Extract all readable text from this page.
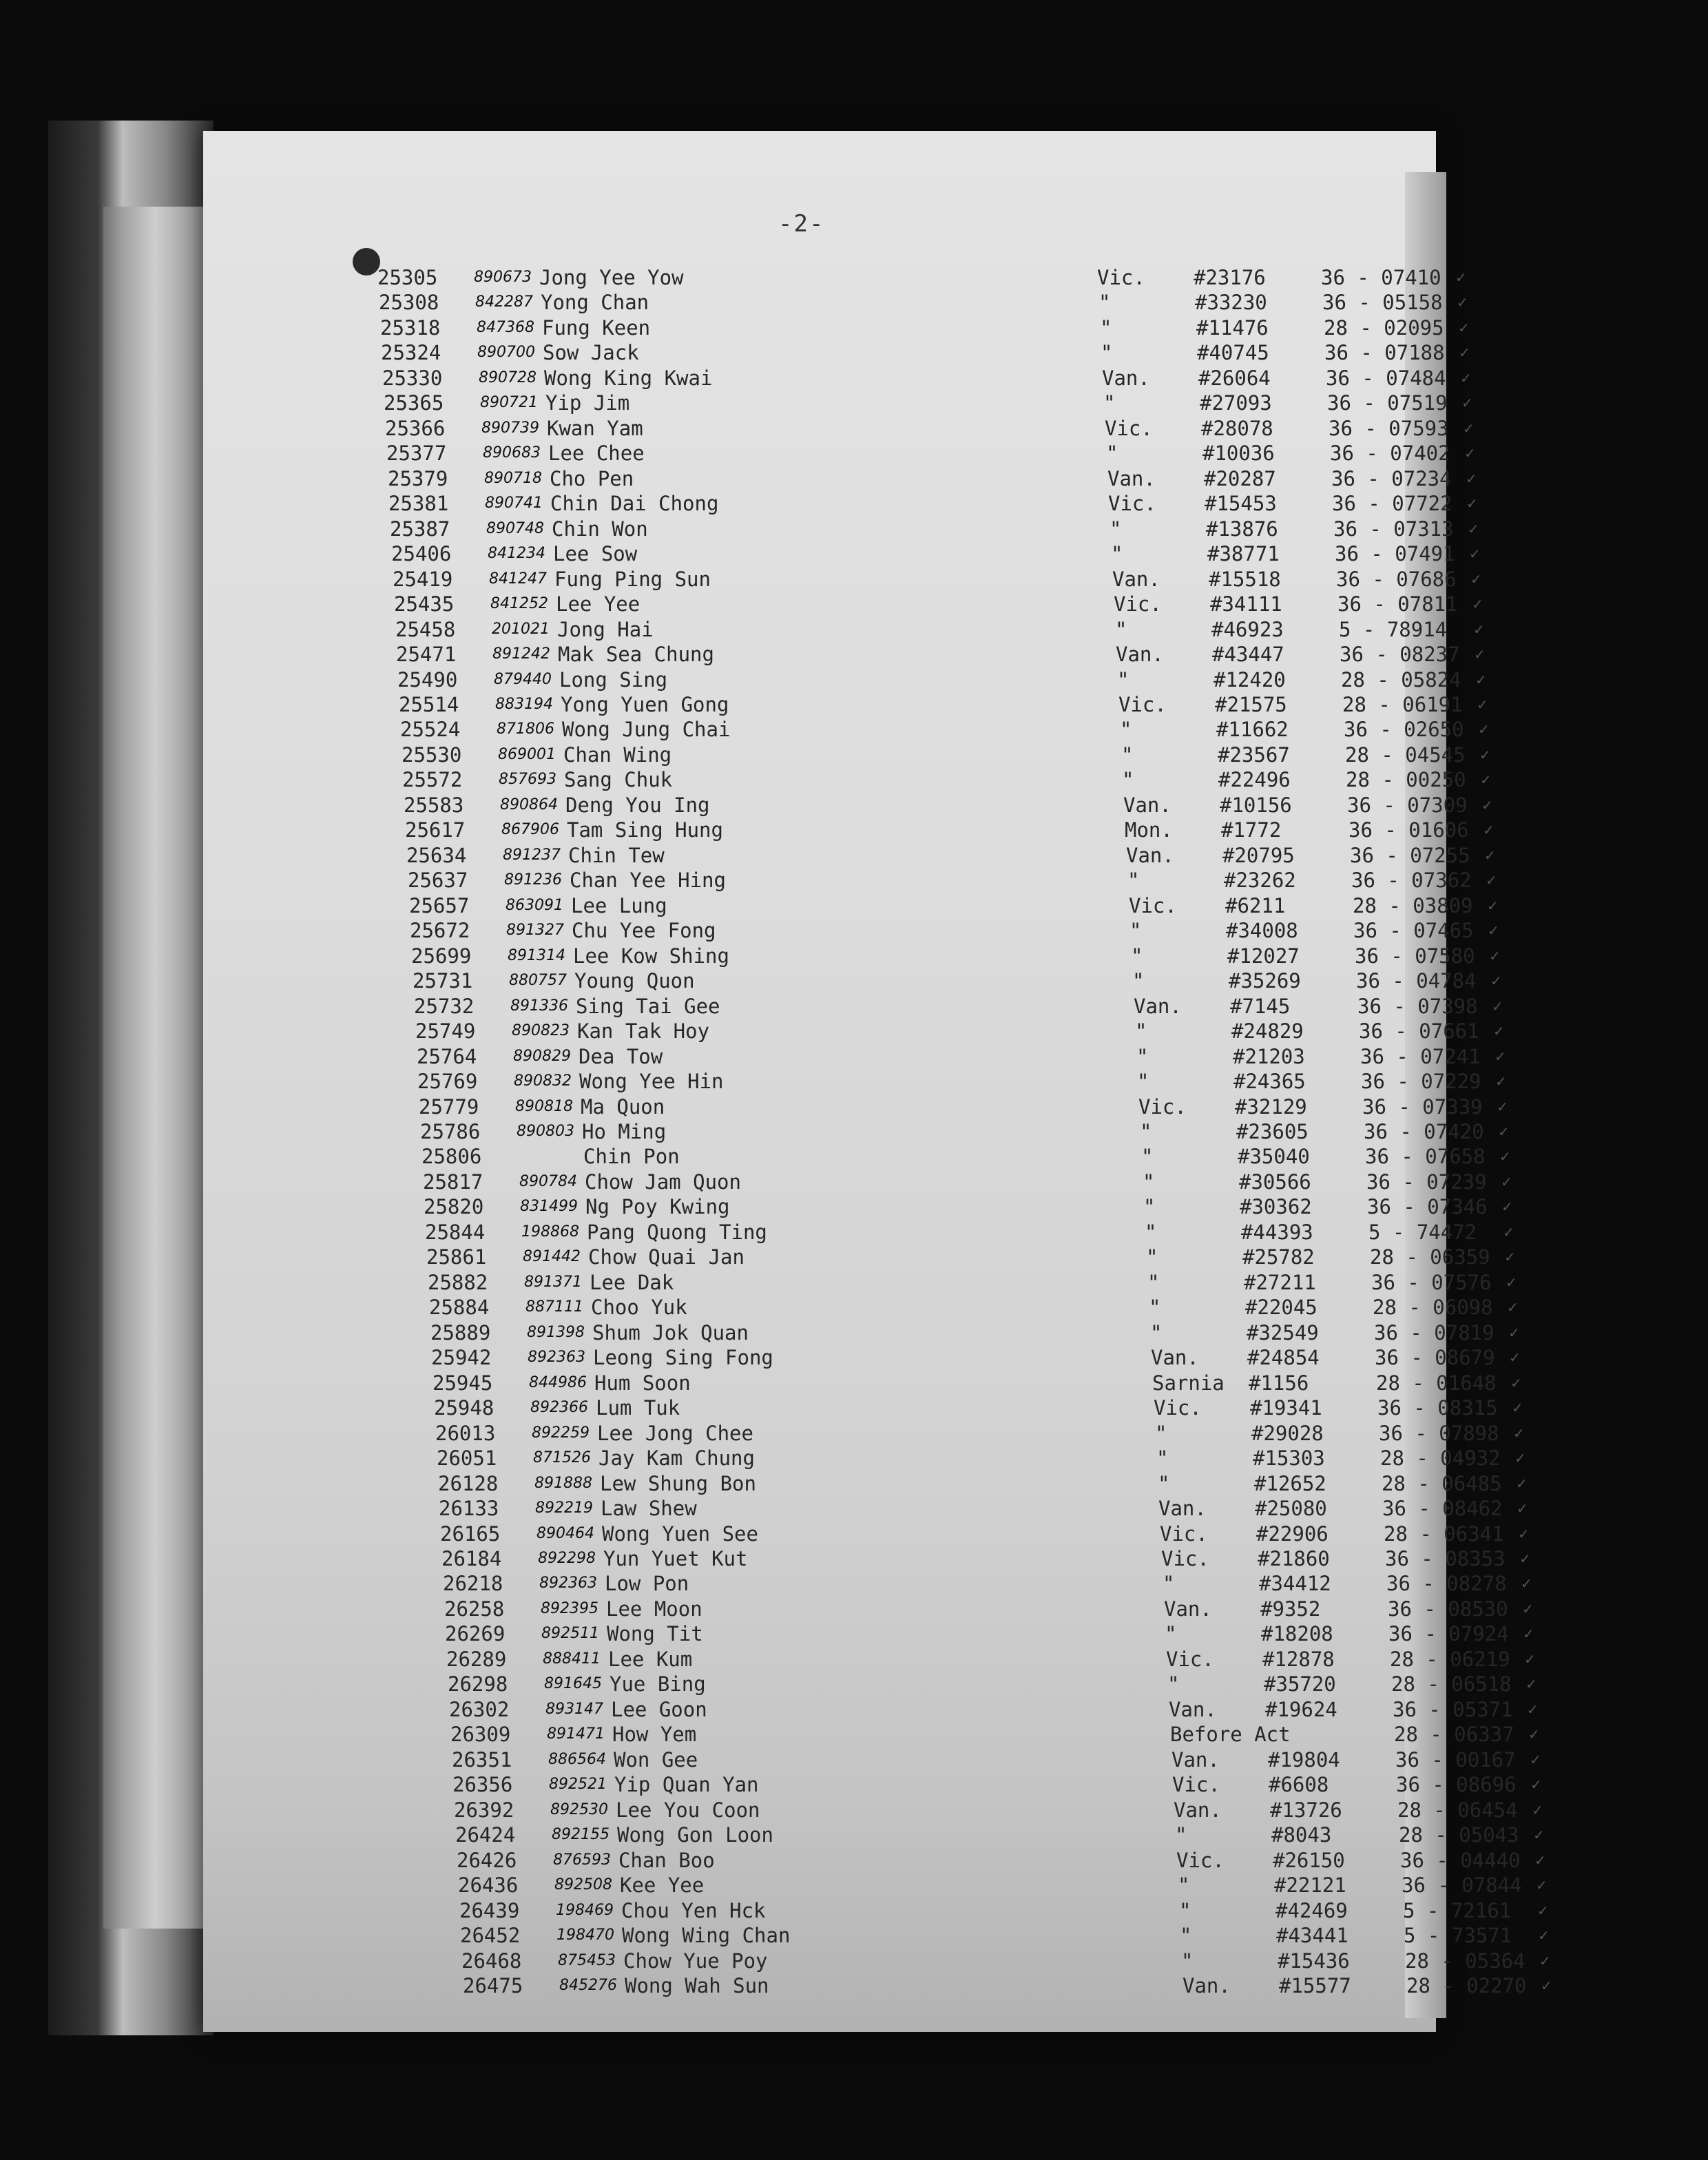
-2-
25305 890673 Jong Yee Yow	Vic. #23176	36 - 07410 ✓
25308 842287 Yong Chan	"	#33230	36 - 05158 ✓
25318 847368 Fung Keen	"	#11476	28 - 02095 ✓
25324 890700 Sow Jack	"	#40745	36 - 07188 ✓
25330 890728 Wong King Kwai	Van. #26064	36 - 07484 ✓
25365 890721 Yip Jim	"	#27093	36 - 07519 ✓
25366 890739 Kwan Yam	Vic. #28078	36 - 07593 ✓
25377 890683 Lee Chee	"	#10036	36 - 07402 ✓
25379 890718 Cho Pen	Van. #20287	36 - 07234 ✓
25381 890741 Chin Dai Chong	Vic. #15453	36 - 07722 ✓
25387 890748 Chin Won	"	#13876	36 - 07313 ✓
25406 841234 Lee Sow	"	#38771	36 - 07491 ✓
25419 841247 Fung Ping Sun	Van. #15518	36 - 07686 ✓
25435 841252 Lee Yee	Vic. #34111	36 - 07811 ✓
25458 201021 Jong Hai	"	#46923	5 - 78914 ✓
25471 891242 Mak Sea Chung	Van. #43447	36 - 08237 ✓
25490 879440 Long Sing	"	#12420	28 - 05824 ✓
25514 883194 Yong Yuen Gong	Vic. #21575	28 - 06191 ✓
25524 871806 Wong Jung Chai	"	#11662	36 - 02650 ✓
25530 869001 Chan Wing	"	#23567	28 - 04545 ✓
25572 857693 Sang Chuk	"	#22496	28 - 00250 ✓
25583 890864 Deng You Ing	Van. #10156	36 - 07309 ✓
25617 867906 Tam Sing Hung	Mon. #1772	36 - 01606 ✓
25634 891237 Chin Tew	Van. #20795	36 - 07255 ✓
25637 891236 Chan Yee Hing	"	#23262	36 - 07362 ✓
25657 863091 Lee Lung	Vic. #6211	28 - 03809 ✓
25672 891327 Chu Yee Fong	"	#34008	36 - 07465 ✓
25699 891314 Lee Kow Shing	"	#12027	36 - 07580 ✓
25731 880757 Young Quon	"	#35269	36 - 04784 ✓
25732 891336 Sing Tai Gee	Van. #7145	36 - 07398 ✓
25749 890823 Kan Tak Hoy	"	#24829	36 - 07661 ✓
25764 890829 Dea Tow	"	#21203	36 - 07241 ✓
25769 890832 Wong Yee Hin	"	#24365	36 - 07229 ✓
25779 890818 Ma Quon	Vic. #32129	36 - 07339 ✓
25786 890803 Ho Ming	"	#23605	36 - 07420 ✓
25806	Chin Pon	"	#35040	36 - 07658 ✓
25817 890784 Chow Jam Quon	"	#30566	36 - 07239 ✓
25820 831499 Ng Poy Kwing	"	#30362	36 - 07346 ✓
25844 198868 Pang Quong Ting	"	#44393	5 - 74472 ✓
25861 891442 Chow Quai Jan	"	#25782	28 - 06359 ✓
25882 891371 Lee Dak	"	#27211	36 - 07576 ✓
25884 887111 Choo Yuk	"	#22045	28 - 06098 ✓
25889 891398 Shum Jok Quan	"	#32549	36 - 07819 ✓
25942 892363 Leong Sing Fong	Van. #24854	36 - 08679 ✓
25945 844986 Hum Soon	Sarnia #1156	28 - 01648 ✓
25948 892366 Lum Tuk	Vic. #19341	36 - 08315 ✓
26013 892259 Lee Jong Chee	"	#29028	36 - 07898 ✓
26051 871526 Jay Kam Chung	"	#15303	28 - 04932 ✓
26128 891888 Lew Shung Bon	"	#12652	28 - 06485 ✓
26133 892219 Law Shew	Van. #25080	36 - 08462 ✓
26165 890464 Wong Yuen See	Vic. #22906	28 - 06341 ✓
26184 892298 Yun Yuet Kut	Vic. #21860	36 - 08353 ✓
26218 892363 Low Pon	"	#34412	36 - 08278 ✓
26258 892395 Lee Moon	Van. #9352	36 - 08530 ✓
26269 892511 Wong Tit	"	#18208	36 - 07924 ✓
26289 888411 Lee Kum	Vic. #12878	28 - 06219 ✓
26298 891645 Yue Bing	"	#35720	28 - 06518 ✓
26302 893147 Lee Goon	Van. #19624	36 - 05371 ✓
26309 891471 How Yem	Before Act	28 - 06337 ✓
26351 886564 Won Gee	Van. #19804	36 - 00167 ✓
26356 892521 Yip Quan Yan	Vic. #6608	36 - 08696 ✓
26392 892530 Lee You Coon	Van. #13726	28 - 06454 ✓
26424 892155 Wong Gon Loon	"	#8043	28 - 05043 ✓
26426 876593 Chan Boo	Vic. #26150	36 - 04440 ✓
26436 892508 Kee Yee	"	#22121	36 - 07844 ✓
26439 198469 Chou Yen Hck	"	#42469	5 - 72161 ✓
26452 198470 Wong Wing Chan	"	#43441	5 - 73571 ✓
26468 875453 Chow Yue Poy	"	#15436	28 - 05364 ✓
26475 845276 Wong Wah Sun	Van. #15577	28 - 02270 ✓
